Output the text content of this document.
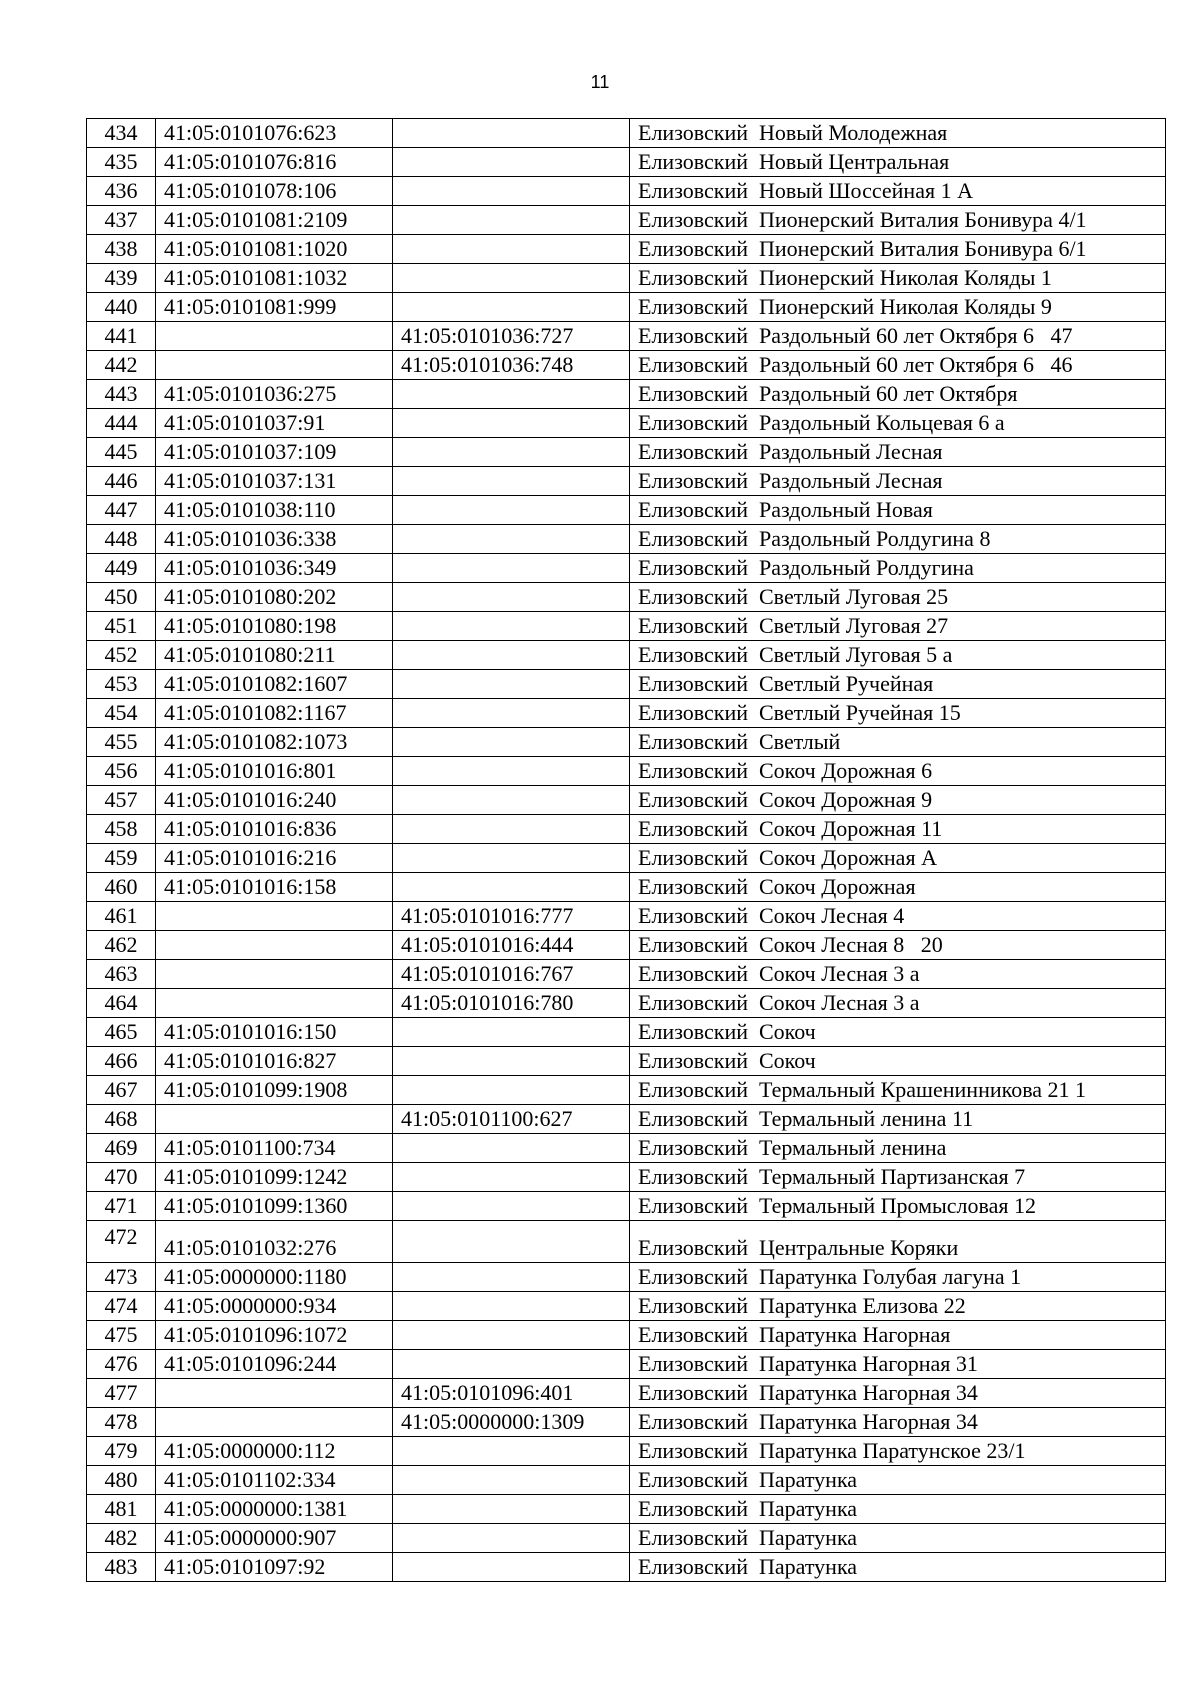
11
434	41:05:0101076:623		Елизовский  Новый Молодежная
435	41:05:0101076:816		Елизовский  Новый Центральная
436	41:05:0101078:106		Елизовский  Новый Шоссейная 1 А
437	41:05:0101081:2109		Елизовский  Пионерский Виталия Бонивура 4/1
438	41:05:0101081:1020		Елизовский  Пионерский Виталия Бонивура 6/1
439	41:05:0101081:1032		Елизовский  Пионерский Николая Коляды 1
440	41:05:0101081:999		Елизовский  Пионерский Николая Коляды 9
441		41:05:0101036:727	Елизовский  Раздольный 60 лет Октября 6   47
442		41:05:0101036:748	Елизовский  Раздольный 60 лет Октября 6   46
443	41:05:0101036:275		Елизовский  Раздольный 60 лет Октября
444	41:05:0101037:91		Елизовский  Раздольный Кольцевая 6 а
445	41:05:0101037:109		Елизовский  Раздольный Лесная
446	41:05:0101037:131		Елизовский  Раздольный Лесная
447	41:05:0101038:110		Елизовский  Раздольный Новая
448	41:05:0101036:338		Елизовский  Раздольный Ролдугина 8
449	41:05:0101036:349		Елизовский  Раздольный Ролдугина
450	41:05:0101080:202		Елизовский  Светлый Луговая 25
451	41:05:0101080:198		Елизовский  Светлый Луговая 27
452	41:05:0101080:211		Елизовский  Светлый Луговая 5 а
453	41:05:0101082:1607		Елизовский  Светлый Ручейная
454	41:05:0101082:1167		Елизовский  Светлый Ручейная 15
455	41:05:0101082:1073		Елизовский  Светлый
456	41:05:0101016:801		Елизовский  Сокоч Дорожная 6
457	41:05:0101016:240		Елизовский  Сокоч Дорожная 9
458	41:05:0101016:836		Елизовский  Сокоч Дорожная 11
459	41:05:0101016:216		Елизовский  Сокоч Дорожная А
460	41:05:0101016:158		Елизовский  Сокоч Дорожная
461		41:05:0101016:777	Елизовский  Сокоч Лесная 4
462		41:05:0101016:444	Елизовский  Сокоч Лесная 8   20
463		41:05:0101016:767	Елизовский  Сокоч Лесная 3 а
464		41:05:0101016:780	Елизовский  Сокоч Лесная 3 а
465	41:05:0101016:150		Елизовский  Сокоч
466	41:05:0101016:827		Елизовский  Сокоч
467	41:05:0101099:1908		Елизовский  Термальный Крашенинникова 21 1
468		41:05:0101100:627	Елизовский  Термальный ленина 11
469	41:05:0101100:734		Елизовский  Термальный ленина
470	41:05:0101099:1242		Елизовский  Термальный Партизанская 7
471	41:05:0101099:1360		Елизовский  Термальный Промысловая 12
472	41:05:0101032:276		Елизовский  Центральные Коряки
473	41:05:0000000:1180		Елизовский  Паратунка Голубая лагуна 1
474	41:05:0000000:934		Елизовский  Паратунка Елизова 22
475	41:05:0101096:1072		Елизовский  Паратунка Нагорная
476	41:05:0101096:244		Елизовский  Паратунка Нагорная 31
477		41:05:0101096:401	Елизовский  Паратунка Нагорная 34
478		41:05:0000000:1309	Елизовский  Паратунка Нагорная 34
479	41:05:0000000:112		Елизовский  Паратунка Паратунское 23/1
480	41:05:0101102:334		Елизовский  Паратунка
481	41:05:0000000:1381		Елизовский  Паратунка
482	41:05:0000000:907		Елизовский  Паратунка
483	41:05:0101097:92		Елизовский  Паратунка
